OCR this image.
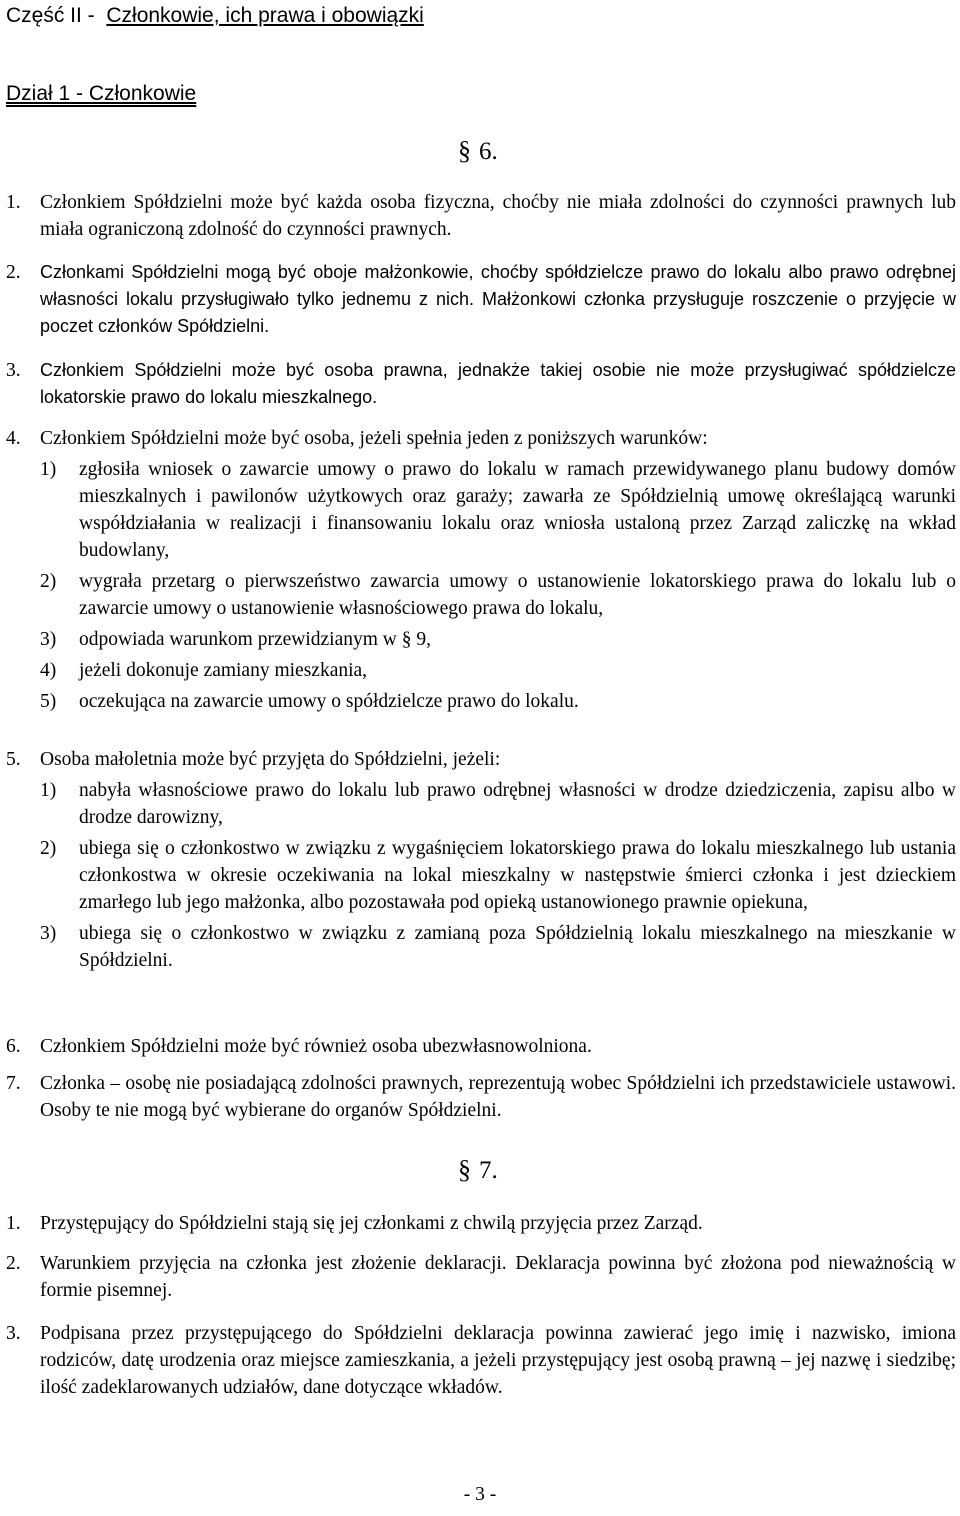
Część II - Członkowie, ich prawa i obowiązki
Dział 1 - Członkowie
§ 6.
1. Członkiem Spółdzielni może być każda osoba fizyczna, choćby nie miała zdolności do czynności prawnych lub miała ograniczoną zdolność do czynności prawnych.
2. Członkami Spółdzielni mogą być oboje małżonkowie, choćby spółdzielcze prawo do lokalu albo prawo odrębnej własności lokalu przysługiwało tylko jednemu z nich. Małżonkowi członka przysługuje roszczenie o przyjęcie w poczet członków Spółdzielni.
3. Członkiem Spółdzielni może być osoba prawna, jednakże takiej osobie nie może przysługiwać spółdzielcze lokatorskie prawo do lokalu mieszkalnego.
4. Członkiem Spółdzielni może być osoba, jeżeli spełnia jeden z poniższych warunków:
1) zgłosiła wniosek o zawarcie umowy o prawo do lokalu w ramach przewidywanego planu budowy domów mieszkalnych i pawilonów użytkowych oraz garaży; zawarła ze Spółdzielnią umowę określającą warunki współdziałania w realizacji i finansowaniu lokalu oraz wniosła ustaloną przez Zarząd zaliczkę na wkład budowlany,
2) wygrała przetarg o pierwszeństwo zawarcia umowy o ustanowienie lokatorskiego prawa do lokalu lub o zawarcie umowy o ustanowienie własnościowego prawa do lokalu,
3) odpowiada warunkom przewidzianym w § 9,
4) jeżeli dokonuje zamiany mieszkania,
5) oczekująca na zawarcie umowy o spółdzielcze prawo do lokalu.
5. Osoba małoletnia może być przyjęta do Spółdzielni, jeżeli:
1) nabyła własnościowe prawo do lokalu lub prawo odrębnej własności w drodze dziedziczenia, zapisu albo w drodze darowizny,
2) ubiega się o członkostwo w związku z wygaśnięciem lokatorskiego prawa do lokalu mieszkalnego lub ustania członkostwa w okresie oczekiwania na lokal mieszkalny w następstwie śmierci członka i jest dzieckiem zmarłego lub jego małżonka, albo pozostawała pod opieką ustanowionego prawnie opiekuna,
3) ubiega się o członkostwo w związku z zamianą poza Spółdzielnią lokalu mieszkalnego na mieszkanie w Spółdzielni.
6. Członkiem Spółdzielni może być również osoba ubezwłasnowolniona.
7. Członka – osobę nie posiadającą zdolności prawnych, reprezentują wobec Spółdzielni ich przedstawiciele ustawowi. Osoby te nie mogą być wybierane do organów Spółdzielni.
§ 7.
1. Przystępujący do Spółdzielni stają się jej członkami z chwilą przyjęcia przez Zarząd.
2. Warunkiem przyjęcia na członka jest złożenie deklaracji. Deklaracja powinna być złożona pod nieważnością w formie pisemnej.
3. Podpisana przez przystępującego do Spółdzielni deklaracja powinna zawierać jego imię i nazwisko, imiona rodziców, datę urodzenia oraz miejsce zamieszkania, a jeżeli przystępujący jest osobą prawną – jej nazwę i siedzibę; ilość zadeklarowanych udziałów, dane dotyczące wkładów.
- 3 -
